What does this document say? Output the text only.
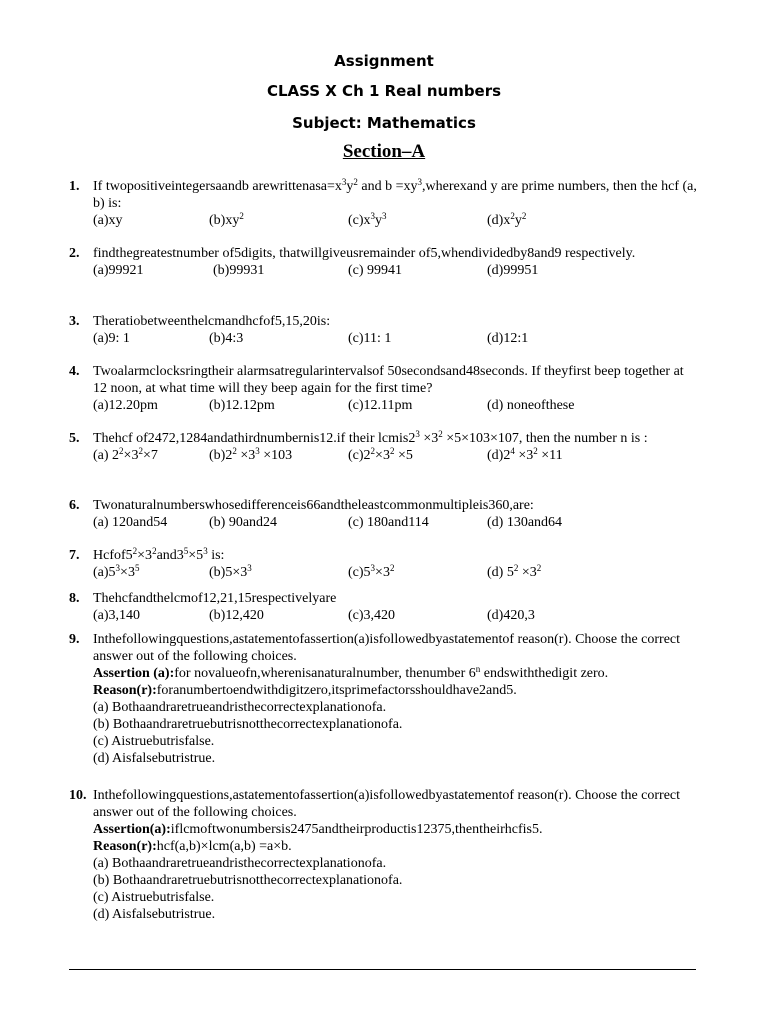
Assignment
CLASS X Ch 1 Real numbers
Subject: Mathematics
Section–A
1. If twopositiveintegersaandb $arewrittenasa=x^3y^2$ and $b =xy^3,wherexand$ y are prime numbers, then the hcf (a, b) is:
(a)xy	$(b)xy^2$	$(c)x^3y^3$	$(d)x^2y^2$
2. findthegreatestnumber of5digits, thatwillgiveusremainder of5,whendividedby8and9 respectively.
(a)99921	(b)99931	(c) 99941	(d)99951
3. Theratiobetweenthelcmandhcfof5,15,20is:
(a)9: 1	(b)4:3	(c)11: 1	(d)12:1
4. Twoalarmclocksringtheir alarmsatregularintervalsof 50secondsand48seconds. If theyfirst beep together at 12 noon, at what time will they beep again for the first time?
(a)12.20pm	(b)12.12pm	(c)12.11pm	(d) noneofthese
5. Thehcf of2472,1284andathirdnumbernis12.if their $lcmis2^3 \times 3^2 \times 5\times 103\times 107$, then the number n is :
(a) $2^2\times 3^2\times 7$	$(b)2^2 \times 3^3 \times 103$	$(c)2^2\times 3^2 \times 5$	$(d)2^4 \times 3^2 \times 11$
6. Twonaturalnumberswhosedifferenceis66andtheleastcommonmultipleis360,are:
(a) 120and54	(b) 90and24	(c) 180and114	(d) 130and64
7. $Hcfof5^2\times 3^2and3^5\times 5^3$ is:
$(a)5^3\times 3^5$	$(b)5\times 3^3$	$(c)5^3\times 3^2$	(d) $5^2 \times 3^2$
8. Thehcfandthelcmof12,21,15respectivelyare
(a)3,140	(b)12,420	(c)3,420	(d)420,3
9. Inthefollowingquestions,astatementofassertion(a)isfollowedbyastatementof reason(r). Choose the correct answer out of the following choices.
Assertion (a):for novalueofn,wherenisanaturalnumber, thenumber 6$^n$ endswiththedigit zero.
Reason(r):foranumbertoendwithdigitzero,itsprimefactorsshouldhave2and5.
(a) Bothaandraretrueandristhecorrectexplanationofa.
(b) Bothaandraretruebutrisnotthecorrectexplanationofa.
(c) Aistruebutrisfalse.
(d) Aisfalsebutristrue.
10. Inthefollowingquestions,astatementofassertion(a)isfollowedbyastatementof reason(r). Choose the correct answer out of the following choices.
Assertion(a):iflcmoftwonumbersis2475andtheirproductis12375,thentheirhcfis5.
Reason(r):hcf(a,b)×lcm(a,b) =a×b.
(a) Bothaandraretrueandristhecorrectexplanationofa.
(b) Bothaandraretruebutrisnotthecorrectexplanationofa.
(c) Aistruebutrisfalse.
(d) Aisfalsebutristrue.
